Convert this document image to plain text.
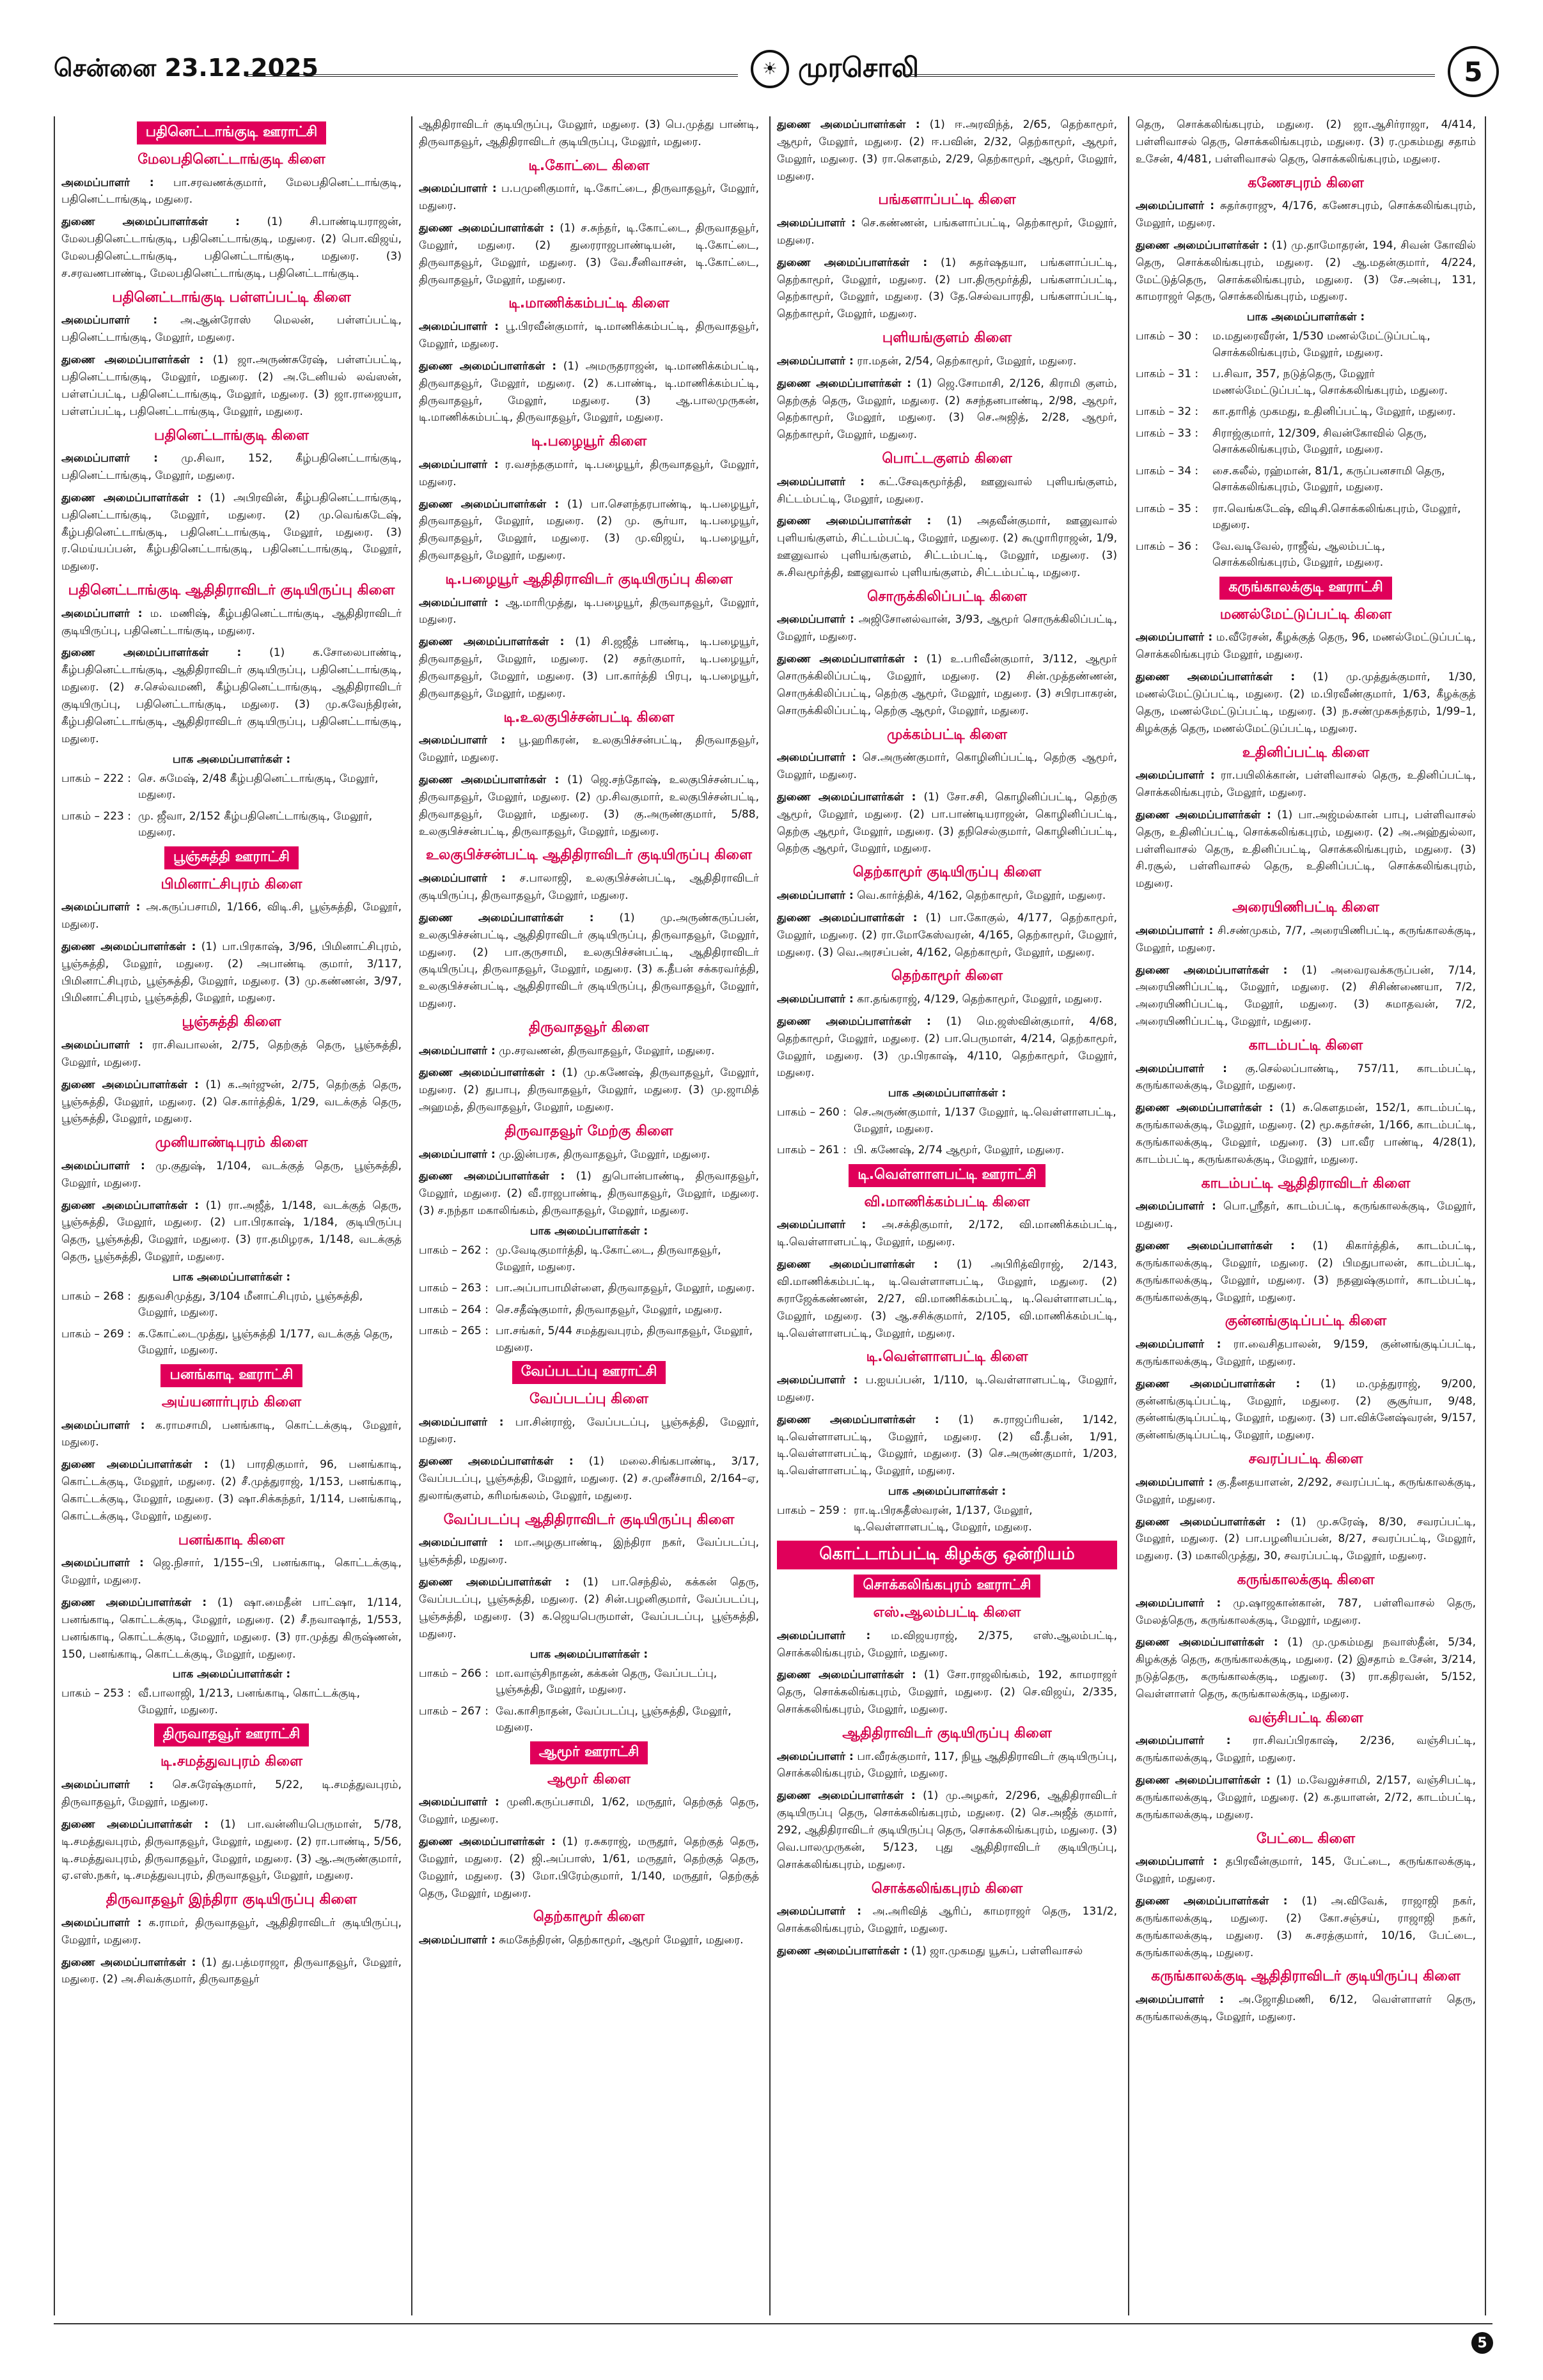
சென்னை 23.12.2025	☀ முரசொலி	5
பதினெட்டாங்குடி ஊராட்சி
மேலபதினெட்டாங்குடி கிளை
அமைப்பாளர் : பா.சரவணக்குமார், மேலபதினெட்டாங்குடி, பதினெட்டாங்குடி, மதுரை.
துணை அமைப்பாளர்கள் :	(1) சி.பாண்டியராஜன், மேலபதினெட்டாங்குடி, பதினெட்டாங்குடி, மதுரை. (2) பொ.விஜய், மேலபதினெட்டாங்குடி, பதினெட்டாங்குடி, மதுரை. (3) ச.சரவணபாண்டி, மேலபதினெட்டாங்குடி, பதினெட்டாங்குடி.
பதினெட்டாங்குடி பள்ளப்பட்டி கிளை
அமைப்பாளர் : அ.ஆன்ரோஸ் மெலன், பள்ளப்பட்டி, பதினெட்டாங்குடி, மேலூர், மதுரை.
துணை அமைப்பாளர்கள் : (1) ஜா.அருண்சுரேஷ், பள்ளப்பட்டி, பதினெட்டாங்குடி, மேலூர், மதுரை. (2) அ.டேனியல் லவ்ஸன், பள்ளப்பட்டி, பதினெட்டாங்குடி, மேலூர், மதுரை. (3) ஜா.ராஜையா, பள்ளப்பட்டி, பதினெட்டாங்குடி, மேலூர், மதுரை.
பதினெட்டாங்குடி கிளை
அமைப்பாளர் : மு.சிவா, 152, கீழ்பதினெட்டாங்குடி, பதினெட்டாங்குடி, மேலூர், மதுரை.
துணை அமைப்பாளர்கள் : (1) அபிரவின், கீழ்பதினெட்டாங்குடி, பதினெட்டாங்குடி, மேலூர், மதுரை. (2) மு.வெங்கடேஷ், கீழ்பதினெட்டாங்குடி, பதினெட்டாங்குடி, மேலூர், மதுரை. (3) ர.மெய்யப்பன், கீழ்பதினெட்டாங்குடி, பதினெட்டாங்குடி, மேலூர், மதுரை.
பதினெட்டாங்குடி ஆதிதிராவிடர் குடியிருப்பு கிளை
அமைப்பாளர் : ம. மணிஷ், கீழ்பதினெட்டாங்குடி, ஆதிதிராவிடர் குடியிருப்பு, பதினெட்டாங்குடி, மதுரை.
துணை அமைப்பாளர்கள் :	(1) க.சோலைபாண்டி, கீழ்பதினெட்டாங்குடி, ஆதிதிராவிடர் குடியிருப்பு, பதினெட்டாங்குடி, மதுரை. (2) ச.செல்வமணி, கீழ்பதினெட்டாங்குடி, ஆதிதிராவிடர் குடியிருப்பு, பதினெட்டாங்குடி, மதுரை. (3) மு.சுவேந்திரன், கீழ்பதினெட்டாங்குடி, ஆதிதிராவிடர் குடியிருப்பு, பதினெட்டாங்குடி, மதுரை.
பாக அமைப்பாளர்கள் :
பாகம் – 222 : செ. சுமேஷ், 2/48 கீழ்பதினெட்டாங்குடி, மேலூர், மதுரை.
பாகம் – 223 : மு. ஜீவா, 2/152 கீழ்பதினெட்டாங்குடி, மேலூர், மதுரை.
பூஞ்சுத்தி ஊராட்சி
பிமினாட்சிபுரம் கிளை
அமைப்பாளர் : அ.கருப்பசாமி, 1/166, விடி.சி, பூஞ்சுத்தி, மேலூர், மதுரை.
துணை அமைப்பாளர்கள் : (1) பா.பிரகாஷ், 3/96, பிமினாட்சிபுரம், பூஞ்சுத்தி, மேலூர், மதுரை. (2) அபாண்டி குமார், 3/117, பிமினாட்சிபுரம், பூஞ்சுத்தி, மேலூர், மதுரை. (3) மு.கண்ணன், 3/97, பிமினாட்சிபுரம், பூஞ்சுத்தி, மேலூர், மதுரை.
பூஞ்சுத்தி கிளை
அமைப்பாளர் : ரா.சிவபாலன், 2/75, தெற்குத் தெரு, பூஞ்சுத்தி, மேலூர், மதுரை.
துணை அமைப்பாளர்கள் : (1) க.அர்ஜுன், 2/75, தெற்குத் தெரு, பூஞ்சுத்தி, மேலூர், மதுரை. (2) செ.கார்த்திக், 1/29, வடக்குத் தெரு, பூஞ்சுத்தி, மேலூர், மதுரை.
முனியாண்டிபுரம் கிளை
அமைப்பாளர் : மு.குதுஷ், 1/104, வடக்குத் தெரு, பூஞ்சுத்தி, மேலூர், மதுரை.
துணை அமைப்பாளர்கள் : (1) ரா.அஜீத், 1/148, வடக்குத் தெரு, பூஞ்சுத்தி, மேலூர், மதுரை. (2) பா.பிரகாஷ், 1/184, குடியிருப்பு தெரு, பூஞ்சுத்தி, மேலூர், மதுரை. (3) ரா.தமிழரசு, 1/148, வடக்குத் தெரு, பூஞ்சுத்தி, மேலூர், மதுரை.
பாக அமைப்பாளர்கள் :
பாகம் – 268 : துதவசிமுத்து, 3/104 மீனாட்சிபுரம், பூஞ்சுத்தி, மேலூர், மதுரை.
பாகம் – 269 : க.கோட்டைமுத்து, பூஞ்சுத்தி 1/177, வடக்குத் தெரு, மேலூர், மதுரை.
பனங்காடி ஊராட்சி
அய்யனார்புரம் கிளை
அமைப்பாளர் : க.ராமசாமி, பனங்காடி, கொட்டக்குடி, மேலூர், மதுரை.
துணை அமைப்பாளர்கள் : (1) பாரதிகுமார், 96, பனங்காடி, கொட்டக்குடி, மேலூர், மதுரை. (2) சீ.முத்துராஜ், 1/153, பனங்காடி, கொட்டக்குடி, மேலூர், மதுரை. (3) ஷா.சிக்கந்தர், 1/114, பனங்காடி, கொட்டக்குடி, மேலூர், மதுரை.
பனங்காடி கிளை
அமைப்பாளர் : ஜெ.நிசார், 1/155–பி, பனங்காடி, கொட்டக்குடி, மேலூர், மதுரை.
துணை அமைப்பாளர்கள் : (1) ஷா.மைதீன் பாட்ஷா, 1/114, பனங்காடி, கொட்டக்குடி, மேலூர், மதுரை. (2) சீ.நவாஷாத், 1/553, பனங்காடி, கொட்டக்குடி, மேலூர், மதுரை. (3) ரா.முத்து கிருஷ்ணன், 150, பனங்காடி, கொட்டக்குடி, மேலூர், மதுரை.
பாக அமைப்பாளர்கள் :
பாகம் – 253 : வீ.பாலாஜி, 1/213, பனங்காடி, கொட்டக்குடி, மேலூர், மதுரை.
திருவாதவூர் ஊராட்சி
டி.சமத்துவபுரம் கிளை
அமைப்பாளர் : செ.சுரேஷ்குமார், 5/22, டி.சமத்துவபுரம், திருவாதவூர், மேலூர், மதுரை.
துணை அமைப்பாளர்கள் : (1) பா.வன்னியபெருமாள், 5/78, டி.சமத்துவபுரம், திருவாதவூர், மேலூர், மதுரை. (2) ரா.பாண்டி, 5/56, டி.சமத்துவபுரம், திருவாதவூர், மேலூர், மதுரை. (3) ஆ.அருண்குமார், ஏ.எஸ்.நகர், டி.சமத்துவபுரம், திருவாதவூர், மேலூர், மதுரை.
திருவாதவூர் இந்திரா குடியிருப்பு கிளை
அமைப்பாளர் : க.ராமர், திருவாதவூர், ஆதிதிராவிடர் குடியிருப்பு, மேலூர், மதுரை.
துணை அமைப்பாளர்கள் : (1) து.பத்மராஜா, திருவாதவூர், மேலூர், மதுரை. (2) அ.சிவக்குமார், திருவாதவூர்
ஆதிதிராவிடர் குடியிருப்பு, மேலூர், மதுரை. (3) பெ.முத்து பாண்டி, திருவாதவூர், ஆதிதிராவிடர் குடியிருப்பு, மேலூர், மதுரை.
டி.கோட்டை கிளை
அமைப்பாளர் : ப.பமுனிகுமார், டி.கோட்டை, திருவாதவூர், மேலூர், மதுரை.
துணை அமைப்பாளர்கள் : (1) ச.சுந்தர், டி.கோட்டை, திருவாதவூர், மேலூர், மதுரை. (2) துரைராஜபாண்டியன், டி.கோட்டை, திருவாதவூர், மேலூர், மதுரை. (3) வே.சீனிவாசன், டி.கோட்டை, திருவாதவூர், மேலூர், மதுரை.
டி.மாணிக்கம்பட்டி கிளை
அமைப்பாளர் : பூ.பிரவீன்குமார், டி.மாணிக்கம்பட்டி, திருவாதவூர், மேலூர், மதுரை.
துணை அமைப்பாளர்கள் : (1) அமருதராஜன், டி.மாணிக்கம்பட்டி, திருவாதவூர், மேலூர், மதுரை. (2) க.பாண்டி, டி.மாணிக்கம்பட்டி, திருவாதவூர், மேலூர், மதுரை. (3) ஆ.பாலமுருகன், டி.மாணிக்கம்பட்டி, திருவாதவூர், மேலூர், மதுரை.
டி.பழையூர் கிளை
அமைப்பாளர் : ர.வசந்தகுமார், டி.பழையூர், திருவாதவூர், மேலூர், மதுரை.
துணை அமைப்பாளர்கள் : (1) பா.செளந்தரபாண்டி, டி.பழையூர், திருவாதவூர், மேலூர், மதுரை. (2) மு. சூர்யா, டி.பழையூர், திருவாதவூர், மேலூர், மதுரை. (3) மு.விஜய், டி.பழையூர், திருவாதவூர், மேலூர், மதுரை.
டி.பழையூர் ஆதிதிராவிடர் குடியிருப்பு கிளை
அமைப்பாளர் : ஆ.மாரிமுத்து, டி.பழையூர், திருவாதவூர், மேலூர், மதுரை.
துணை அமைப்பாளர்கள் : (1) சி.ஜஜீத் பாண்டி, டி.பழையூர், திருவாதவூர், மேலூர், மதுரை. (2) சதர்குமார், டி.பழையூர், திருவாதவூர், மேலூர், மதுரை. (3) பா.கார்த்தி பிரபு, டி.பழையூர், திருவாதவூர், மேலூர், மதுரை.
டி.உலகுபிச்சன்பட்டி கிளை
அமைப்பாளர் : பூ.ஹரிகரன், உலகுபிச்சன்பட்டி, திருவாதவூர், மேலூர், மதுரை.
துணை அமைப்பாளர்கள் : (1) ஜெ.சந்தோஷ், உலகுபிச்சன்பட்டி, திருவாதவூர், மேலூர், மதுரை. (2) மு.சிவகுமார், உலகுபிச்சன்பட்டி, திருவாதவூர், மேலூர், மதுரை. (3) கு.அருண்குமார், 5/88, உலகுபிச்சன்பட்டி, திருவாதவூர், மேலூர், மதுரை.
உலகுபிச்சன்பட்டி ஆதிதிராவிடர் குடியிருப்பு கிளை
அமைப்பாளர் : ச.பாலாஜி, உலகுபிச்சன்பட்டி, ஆதிதிராவிடர் குடியிருப்பு, திருவாதவூர், மேலூர், மதுரை.
துணை அமைப்பாளர்கள் : (1) மு.அருண்கருப்பன், உலகுபிச்சன்பட்டி, ஆதிதிராவிடர் குடியிருப்பு, திருவாதவூர், மேலூர், மதுரை. (2) பா.குருசாமி, உலகுபிச்சன்பட்டி, ஆதிதிராவிடர் குடியிருப்பு, திருவாதவூர், மேலூர், மதுரை. (3) க.தீபன் சக்கரவர்த்தி, உலகுபிச்சன்பட்டி, ஆதிதிராவிடர் குடியிருப்பு, திருவாதவூர், மேலூர், மதுரை.
திருவாதவூர் கிளை
அமைப்பாளர் : மு.சரவணன், திருவாதவூர், மேலூர், மதுரை.
துணை அமைப்பாளர்கள் : (1) மு.கணேஷ், திருவாதவூர், மேலூர், மதுரை. (2) துபாபு, திருவாதவூர், மேலூர், மதுரை. (3) மு.ஜாமித் அஹமத், திருவாதவூர், மேலூர், மதுரை.
திருவாதவூர் மேற்கு கிளை
அமைப்பாளர் : மு.இன்பரசு, திருவாதவூர், மேலூர், மதுரை.
துணை அமைப்பாளர்கள் : (1) துபொன்பாண்டி, திருவாதவூர், மேலூர், மதுரை. (2) வீ.ராஜபாண்டி, திருவாதவூர், மேலூர், மதுரை. (3) ச.நந்தா மகாலிங்கம், திருவாதவூர், மேலூர், மதுரை.
பாக அமைப்பாளர்கள் :
பாகம் – 262 : மு.வேடிகுமார்த்தி, டி.கோட்டை, திருவாதவூர், மேலூர், மதுரை.
பாகம் – 263 : பா.அப்பாபாமிள்ளை, திருவாதவூர், மேலூர், மதுரை.
பாகம் – 264 : செ.சதீஷ்குமார், திருவாதவூர், மேலூர், மதுரை.
பாகம் – 265 : பா.சங்கர், 5/44 சமத்துவபுரம், திருவாதவூர், மேலூர், மதுரை.
வேப்படப்பு ஊராட்சி
வேப்படப்பு கிளை
அமைப்பாளர் : பா.சின்ராஜ், வேப்படப்பு, பூஞ்சுத்தி, மேலூர், மதுரை.
துணை அமைப்பாளர்கள் : (1) மலை.சிங்கபாண்டி, 3/17, வேப்படப்பு, பூஞ்சுத்தி, மேலூர், மதுரை. (2) ச.முனீச்சாமி, 2/164–ஏ, துலாங்குளம், கரிமங்கலம், மேலூர், மதுரை.
வேப்படப்பு ஆதிதிராவிடர் குடியிருப்பு கிளை
அமைப்பாளர் : மா.அழகுபாண்டி, இந்திரா நகர், வேப்படப்பு, பூஞ்சுத்தி, மதுரை.
துணை அமைப்பாளர்கள் : (1) பா.செந்தில், கக்கன் தெரு, வேப்படப்பு, பூஞ்சுத்தி, மதுரை. (2) சின்.பழனிகுமார், வேப்படப்பு, பூஞ்சுத்தி, மதுரை. (3) க.ஜெயபெருமாள், வேப்படப்பு, பூஞ்சுத்தி, மதுரை.
பாக அமைப்பாளர்கள் :
பாகம் – 266 : மா.வாஞ்சிநாதன், கக்கன் தெரு, வேப்படப்பு, பூஞ்சுத்தி, மேலூர், மதுரை.
பாகம் – 267 : வே.காசிநாதன், வேப்படப்பு, பூஞ்சுத்தி, மேலூர், மதுரை.
ஆமூர் ஊராட்சி
ஆமூர் கிளை
அமைப்பாளர் : முனி.கருப்பசாமி, 1/62, மருதூர், தெற்குத் தெரு, மேலூர், மதுரை.
துணை அமைப்பாளர்கள் : (1) ர.சுகராஜ், மருதூர், தெற்குத் தெரு, மேலூர், மதுரை. (2) ஜி.அப்பாஸ், 1/61, மருதூர், தெற்குத் தெரு, மேலூர், மதுரை. (3) மோ.பிரேம்குமார், 1/140, மருதூர், தெற்குத் தெரு, மேலூர், மதுரை.
தெற்காமூர் கிளை
அமைப்பாளர் : சுமகேந்திரன், தெற்காமூர், ஆமூர் மேலூர், மதுரை.
துணை அமைப்பாளர்கள் : (1) ஈ.அரவிந்த், 2/65, தெற்காமூர், ஆமூர், மேலூர், மதுரை. (2) ஈ.பவின், 2/32, தெற்காமூர், ஆமூர், மேலூர், மதுரை. (3) ரா.கௌதம், 2/29, தெற்காமூர், ஆமூர், மேலூர், மதுரை.
பங்களாப்பட்டி கிளை
அமைப்பாளர் : செ.கண்ணன், பங்களாப்பட்டி, தெற்காமூர், மேலூர், மதுரை.
துணை அமைப்பாளர்கள் : (1) சுதர்ஷதயா, பங்களாப்பட்டி, தெற்காமூர், மேலூர், மதுரை. (2) பா.திருமூர்த்தி, பங்களாப்பட்டி, தெற்காமூர், மேலூர், மதுரை. (3) தே.செல்வபாரதி, பங்களாப்பட்டி, தெற்காமூர், மேலூர், மதுரை.
புளியங்குளம் கிளை
அமைப்பாளர் : ரா.மதன், 2/54, தெற்காமூர், மேலூர், மதுரை.
துணை அமைப்பாளர்கள் : (1) ஜெ.சோமாசி, 2/126, கிராமி குளம், தெற்குத் தெரு, மேலூர், மதுரை. (2) சுசந்தனபாண்டி, 2/98, ஆமூர், தெற்காமூர், மேலூர், மதுரை. (3) செ.அஜித், 2/28, ஆமூர், தெற்காமூர், மேலூர், மதுரை.
பொட்டகுளம் கிளை
அமைப்பாளர் : கட்.சேவுகமூர்த்தி, ஊனுவால் புளியங்குளம், சிட்டம்பட்டி, மேலூர், மதுரை.
துணை அமைப்பாளர்கள் : (1) அதவீன்குமார், ஊனுவால் புளியங்குளம், சிட்டம்பட்டி, மேலூர், மதுரை. (2) கூழுாரிராஜன், 1/9, ஊனுவால் புளியங்குளம், சிட்டம்பட்டி, மேலூர், மதுரை. (3) சு.சிவமூர்த்தி, ஊனுவால் புளியங்குளம், சிட்டம்பட்டி, மதுரை.
சொருக்கிலிப்பட்டி கிளை
அமைப்பாளர் : அஜிசோனல்வான், 3/93, ஆமூர் சொருக்கிலிப்பட்டி, மேலூர், மதுரை.
துணை அமைப்பாளர்கள் : (1) உ.பரிவீன்குமார், 3/112, ஆமூர் சொருக்கிலிப்பட்டி, மேலூர், மதுரை. (2) சின்.முத்தண்ணன், சொருக்கிலிப்பட்டி, தெற்கு ஆமூர், மேலூர், மதுரை. (3) சபிரபாகரன், சொருக்கிலிப்பட்டி, தெற்கு ஆமூர், மேலூர், மதுரை.
முக்கம்பட்டி கிளை
அமைப்பாளர் : செ.அருண்குமார், கொழினிப்பட்டி, தெற்கு ஆமூர், மேலூர், மதுரை.
துணை அமைப்பாளர்கள் : (1) சோ.சசி, கொழினிப்பட்டி, தெற்கு ஆமூர், மேலூர், மதுரை. (2) பா.பாண்டியராஜன், கொழினிப்பட்டி, தெற்கு ஆமூர், மேலூர், மதுரை. (3) தநிசெல்குமார், கொழினிப்பட்டி, தெற்கு ஆமூர், மேலூர், மதுரை.
தெற்காமூர் குடியிருப்பு கிளை
அமைப்பாளர் : வெ.கார்த்திக், 4/162, தெற்காமூர், மேலூர், மதுரை.
துணை அமைப்பாளர்கள் : (1) பா.கோகுல், 4/177, தெற்காமூர், மேலூர், மதுரை. (2) ரா.மோகேஸ்வரன், 4/165, தெற்காமூர், மேலூர், மதுரை. (3) வெ.அரசப்பன், 4/162, தெற்காமூர், மேலூர், மதுரை.
தெற்காமூர் கிளை
அமைப்பாளர் : கா.தங்கராஜ், 4/129, தெற்காமூர், மேலூர், மதுரை.
துணை அமைப்பாளர்கள் : (1) மெ.ஜஸ்வின்குமார், 4/68, தெற்காமூர், மேலூர், மதுரை. (2) பா.பெருமாள், 4/214, தெற்காமூர், மேலூர், மதுரை. (3) மு.பிரகாஷ், 4/110, தெற்காமூர், மேலூர், மதுரை.
பாக அமைப்பாளர்கள் :
பாகம் – 260 : செ.அருண்குமார், 1/137 மேலூர், டி.வெள்ளாளபட்டி, மேலூர், மதுரை.
பாகம் – 261 : பி. கணேஷ், 2/74 ஆமூர், மேலூர், மதுரை.
டி.வெள்ளாளபட்டி ஊராட்சி
வி.மாணிக்கம்பட்டி கிளை
அமைப்பாளர் : அ.சக்திகுமார், 2/172, வி.மாணிக்கம்பட்டி, டி.வெள்ளாளபட்டி, மேலூர், மதுரை.
துணை அமைப்பாளர்கள் : (1) அபிரித்விராஜ், 2/143, வி.மாணிக்கம்பட்டி, டி.வெள்ளாளபட்டி, மேலூர், மதுரை. (2) சுராஜேக்கண்ணன், 2/27, வி.மாணிக்கம்பட்டி, டி.வெள்ளாளபட்டி, மேலூர், மதுரை. (3) ஆ.சசிக்குமார், 2/105, வி.மாணிக்கம்பட்டி, டி.வெள்ளாளபட்டி, மேலூர், மதுரை.
டி.வெள்ளாளபட்டி கிளை
அமைப்பாளர் : ப.ஐயப்பன், 1/110, டி.வெள்ளாளபட்டி, மேலூர், மதுரை.
துணை அமைப்பாளர்கள் : (1) சு.ராஜப்ரியன், 1/142, டி.வெள்ளாளபட்டி, மேலூர், மதுரை. (2) வீ.தீபன், 1/91, டி.வெள்ளாளபட்டி, மேலூர், மதுரை. (3) செ.அருண்குமார், 1/203, டி.வெள்ளாளபட்டி, மேலூர், மதுரை.
பாக அமைப்பாளர்கள் :
பாகம் – 259 : ரா.டி.பிரசுதீஸ்வரன், 1/137, மேலூர், டி.வெள்ளாளபட்டி, மேலூர், மதுரை.
கொட்டாம்பட்டி கிழக்கு ஒன்றியம்
சொக்கலிங்கபுரம் ஊராட்சி
எஸ்.ஆலம்பட்டி கிளை
அமைப்பாளர் : ம.விஜயராஜ், 2/375, எஸ்.ஆலம்பட்டி, சொக்கலிங்கபுரம், மேலூர், மதுரை.
துணை அமைப்பாளர்கள் : (1) சோ.ராஜலிங்கம், 192, காமராஜர் தெரு, சொக்கலிங்கபுரம், மேலூர், மதுரை. (2) செ.விஜய், 2/335, சொக்கலிங்கபுரம், மேலூர், மதுரை.
ஆதிதிராவிடர் குடியிருப்பு கிளை
அமைப்பாளர் : பா.வீரக்குமார், 117, நியூ ஆதிதிராவிடர் குடியிருப்பு, சொக்கலிங்கபுரம், மேலூர், மதுரை.
துணை அமைப்பாளர்கள் : (1) மு.அழகர், 2/296, ஆதிதிராவிடர் குடியிருப்பு தெரு, சொக்கலிங்கபுரம், மதுரை. (2) செ.அஜீத் குமார், 292, ஆதிதிராவிடர் குடியிருப்பு தெரு, சொக்கலிங்கபுரம், மதுரை. (3) வெ.பாலமுருகன், 5/123, புது ஆதிதிராவிடர் குடியிருப்பு, சொக்கலிங்கபுரம், மதுரை.
சொக்கலிங்கபுரம் கிளை
அமைப்பாளர் : அ.அரிவித் ஆரிப், காமராஜர் தெரு, 131/2, சொக்கலிங்கபுரம், மேலூர், மதுரை.
துணை அமைப்பாளர்கள் : (1) ஜா.முகமது யூசுப், பள்ளிவாசல்
தெரு, சொக்கலிங்கபுரம், மதுரை. (2) ஜா.ஆசிர்ராஜா, 4/414, பள்ளிவாசல் தெரு, சொக்கலிங்கபுரம், மதுரை. (3) ர.முகம்மது சதாம் உசேன், 4/481, பள்ளிவாசல் தெரு, சொக்கலிங்கபுரம், மதுரை.
கணேசபுரம் கிளை
அமைப்பாளர் : சுதர்சுராஜு, 4/176, கணேசபுரம், சொக்கலிங்கபுரம், மேலூர், மதுரை.
துணை அமைப்பாளர்கள் : (1) மு.தாமோதரன், 194, சிவன் கோவில் தெரு, சொக்கலிங்கபுரம், மதுரை. (2) ஆ.மதன்குமார், 4/224, மேட்டுத்தெரு, சொக்கலிங்கபுரம், மதுரை. (3) சே.அன்பு, 131, காமராஜர் தெரு, சொக்கலிங்கபுரம், மதுரை.
பாக அமைப்பாளர்கள் :
பாகம் – 30 :	ம.மதுரைவீரன், 1/530 மணல்மேட்டுப்பட்டி, சொக்கலிங்கபுரம், மேலூர், மதுரை.
பாகம் – 31 :	ப.சிவா, 357, நடுத்தெரு, மேலூர் மணல்மேட்டுப்பட்டி, சொக்கலிங்கபுரம், மதுரை.
பாகம் – 32 :	கா.தாரித் முகமது, உதினிப்பட்டி, மேலூர், மதுரை.
பாகம் – 33 :	சிராஜ்குமார், 12/309, சிவன்கோவில் தெரு, சொக்கலிங்கபுரம், மேலூர், மதுரை.
பாகம் – 34 :	சை.கலீல், ரஹ்மான், 81/1, கருப்பனசாமி தெரு, சொக்கலிங்கபுரம், மேலூர், மதுரை.
பாகம் – 35 :	ரா.வெங்கடேஷ், விடிசி.சொக்கலிங்கபுரம், மேலூர், மதுரை.
பாகம் – 36 :	வே.வடிவேல், ராஜீவ், ஆலம்பட்டி, சொக்கலிங்கபுரம், மேலூர், மதுரை.
கருங்காலக்குடி ஊராட்சி
மணல்மேட்டுப்பட்டி கிளை
அமைப்பாளர் : ம.வீரேசன், கீழக்குத் தெரு, 96, மணல்மேட்டுப்பட்டி, சொக்கலிங்கபுரம் மேலூர், மதுரை.
துணை அமைப்பாளர்கள் : (1) மு.முத்துக்குமார், 1/30, மணல்மேட்டுப்பட்டி, மதுரை. (2) ம.பிரவீண்குமார், 1/63, கீழக்குத் தெரு, மணல்மேட்டுப்பட்டி, மதுரை. (3) ந.சண்முகசுந்தரம், 1/99–1, கிழக்குத் தெரு, மணல்மேட்டுப்பட்டி, மதுரை.
உதினிப்பட்டி கிளை
அமைப்பாளர் : ரா.பயிலிக்கான், பள்ளிவாசல் தெரு, உதினிப்பட்டி, சொக்கலிங்கபுரம், மேலூர், மதுரை.
துணை அமைப்பாளர்கள் : (1) பா.அஜ்மல்கான் பாபு, பள்ளிவாசல் தெரு, உதினிப்பட்டி, சொக்கலிங்கபுரம், மதுரை. (2) அ.அஹ்துல்லா, பள்ளிவாசல் தெரு, உதினிப்பட்டி, சொக்கலிங்கபுரம், மதுரை. (3) சி.ரசூல், பள்ளிவாசல் தெரு, உதினிப்பட்டி, சொக்கலிங்கபுரம், மதுரை.
அரையிணிபட்டி கிளை
அமைப்பாளர் : சி.சண்முகம், 7/7, அரையிணிபட்டி, கருங்காலக்குடி, மேலூர், மதுரை.
துணை அமைப்பாளர்கள் : (1) அவைரவக்கருப்பன், 7/14, அரையிணிப்பட்டி, மேலூர், மதுரை. (2) சிசிண்ணையா, 7/2, அரையிணிப்பட்டி, மேலூர், மதுரை. (3) சுமாதவன், 7/2, அரையிணிப்பட்டி, மேலூர், மதுரை.
காடம்பட்டி கிளை
அமைப்பாளர் : கு.செல்லப்பாண்டி, 757/11, காடம்பட்டி, கருங்காலக்குடி, மேலூர், மதுரை.
துணை அமைப்பாளர்கள் : (1) சு.கௌதமன், 152/1, காடம்பட்டி, கருங்காலக்குடி, மேலூர், மதுரை. (2) மூ.சுதர்சன், 1/166, காடம்பட்டி, கருங்காலக்குடி, மேலூர், மதுரை. (3) பா.வீர பாண்டி, 4/28(1), காடம்பட்டி, கருங்காலக்குடி, மேலூர், மதுரை.
காடம்பட்டி ஆதிதிராவிடர் கிளை
அமைப்பாளர் : பொ.ஸ்ரீதர், காடம்பட்டி, கருங்காலக்குடி, மேலூர், மதுரை.
துணை அமைப்பாளர்கள் : (1) கிகார்த்திக், காடம்பட்டி, கருங்காலக்குடி, மேலூர், மதுரை. (2) பிமதுபாலன், காடம்பட்டி, கருங்காலக்குடி, மேலூர், மதுரை. (3) நதனுஷ்குமார், காடம்பட்டி, கருங்காலக்குடி, மேலூர், மதுரை.
குன்னங்குடிப்பட்டி கிளை
அமைப்பாளர் : ரா.வைசிதபாலன், 9/159, குன்னங்குடிப்பட்டி, கருங்காலக்குடி, மேலூர், மதுரை.
துணை அமைப்பாளர்கள் : (1) ம.முத்துராஜ், 9/200, குன்னங்குடிப்பட்டி, மேலூர், மதுரை. (2) சூசூர்யா, 9/48, குன்னங்குடிப்பட்டி, மேலூர், மதுரை. (3) பா.விக்னேஷ்வரன், 9/157, குன்னங்குடிப்பட்டி, மேலூர், மதுரை.
சவரப்பட்டி கிளை
அமைப்பாளர் : கு.தீனதயாளன், 2/292, சவரப்பட்டி, கருங்காலக்குடி, மேலூர், மதுரை.
துணை அமைப்பாளர்கள் : (1) மு.சுரேஷ், 8/30, சவரப்பட்டி, மேலூர், மதுரை. (2) பா.பழனியப்பன், 8/27, சவரப்பட்டி, மேலூர், மதுரை. (3) மகாலிமுத்து, 30, சவரப்பட்டி, மேலூர், மதுரை.
கருங்காலக்குடி கிளை
அமைப்பாளர் : மு.ஷாஜகான்கான், 787, பள்ளிவாசல் தெரு, மேலத்தெரு, கருங்காலக்குடி, மேலூர், மதுரை.
துணை அமைப்பாளர்கள் : (1) மு.முகம்மது நவாஸ்தீன், 5/34, கிழக்குத் தெரு, கருங்காலக்குடி, மதுரை. (2) இசதாம் உசேன், 3/214, நடுத்தெரு, கருங்காலக்குடி, மதுரை. (3) ரா.கதிரவன், 5/152, வெள்ளாளர் தெரு, கருங்காலக்குடி, மதுரை.
வஞ்சிபட்டி கிளை
அமைப்பாளர் : ரா.சிவப்பிரகாஷ், 2/236, வஞ்சிபட்டி, கருங்காலக்குடி, மேலூர், மதுரை.
துணை அமைப்பாளர்கள் : (1) ம.வேலுச்சாமி, 2/157, வஞ்சிபட்டி, கருங்காலக்குடி, மேலூர், மதுரை. (2) க.தயாளன், 2/72, காடம்பட்டி, கருங்காலக்குடி, மதுரை.
பேட்டை கிளை
அமைப்பாளர் : தபிரவீன்குமார், 145, பேட்டை, கருங்காலக்குடி, மேலூர், மதுரை.
துணை அமைப்பாளர்கள் : (1) அ.விவேக், ராஜாஜி நகர், கருங்காலக்குடி, மதுரை. (2) கோ.சஞ்சய், ராஜாஜி நகர், கருங்காலக்குடி, மதுரை. (3) சு.சரத்குமார், 10/16, பேட்டை, கருங்காலக்குடி, மதுரை.
கருங்காலக்குடி ஆதிதிராவிடர் குடியிருப்பு கிளை
அமைப்பாளர் : அ.ஜோதிமணி, 6/12, வெள்ளாளர் தெரு, கருங்காலக்குடி, மேலூர், மதுரை.
5
